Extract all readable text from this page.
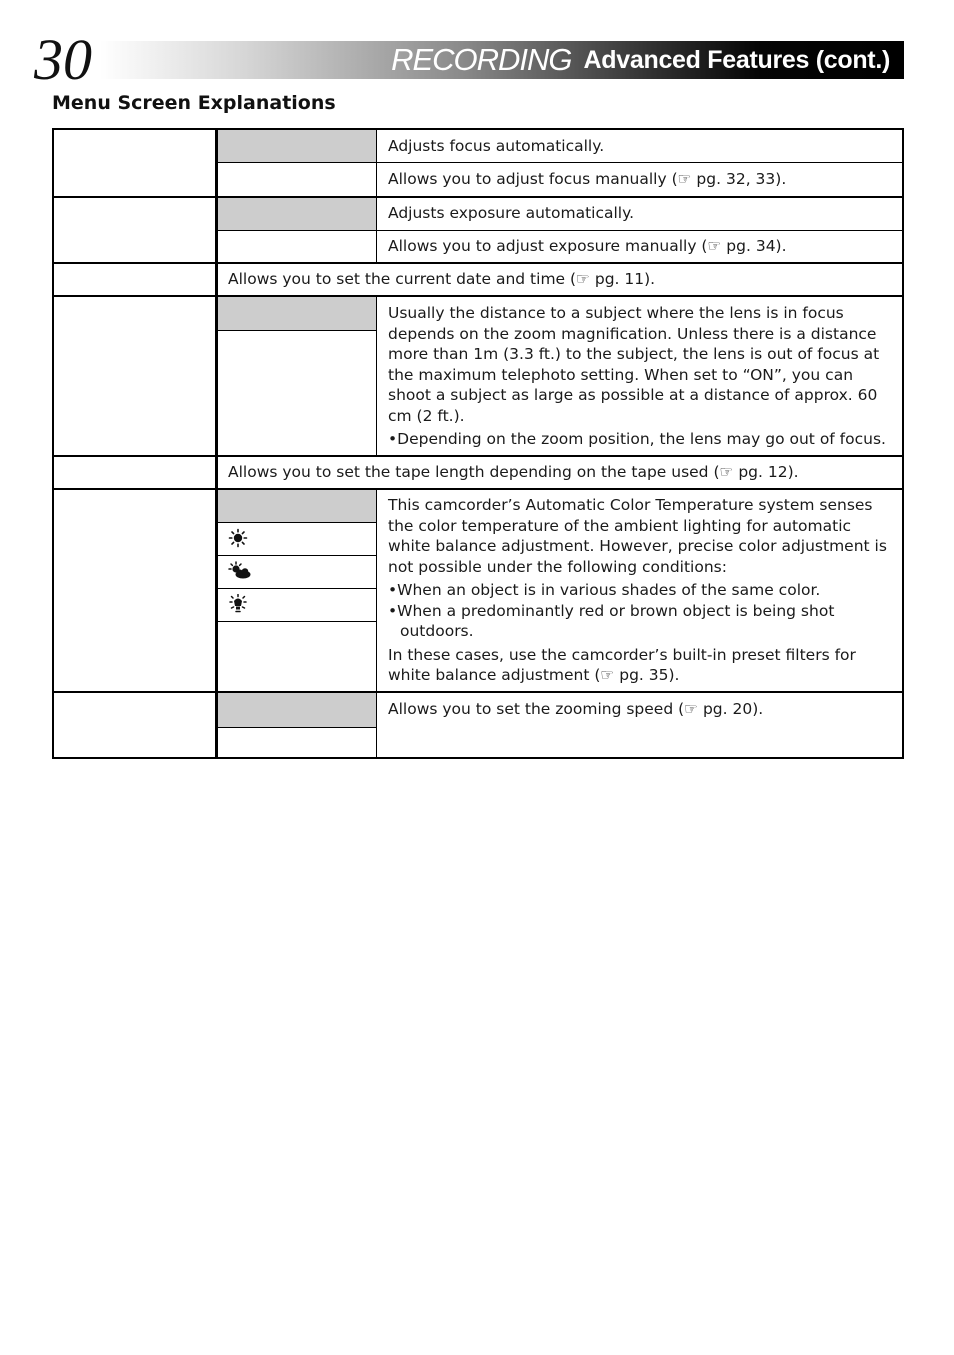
30	RECORDING Advanced Features (cont.)
Menu Screen Explanations
Adjusts focus automatically.
Allows you to adjust focus manually (☞ pg. 32, 33).
Adjusts exposure automatically.
Allows you to adjust exposure manually (☞ pg. 34).
Allows you to set the current date and time (☞ pg. 11).
Usually the distance to a subject where the lens is in focus depends on the zoom magnification. Unless there is a distance more than 1m (3.3 ft.) to the subject, the lens is out of focus at the maximum telephoto setting. When set to “ON”, you can shoot a subject as large as possible at a distance of approx. 60 cm (2 ft.).
•Depending on the zoom position, the lens may go out of focus.
Allows you to set the tape length depending on the tape used (☞ pg. 12).
This camcorder’s Automatic Color Temperature system senses the color temperature of the ambient lighting for automatic white balance adjustment. However, precise color adjustment is not possible under the following conditions:
•When an object is in various shades of the same color.
•When a predominantly red or brown object is being shot outdoors.
In these cases, use the camcorder’s built-in preset filters for white balance adjustment (☞ pg. 35).
Allows you to set the zooming speed (☞ pg. 20).
